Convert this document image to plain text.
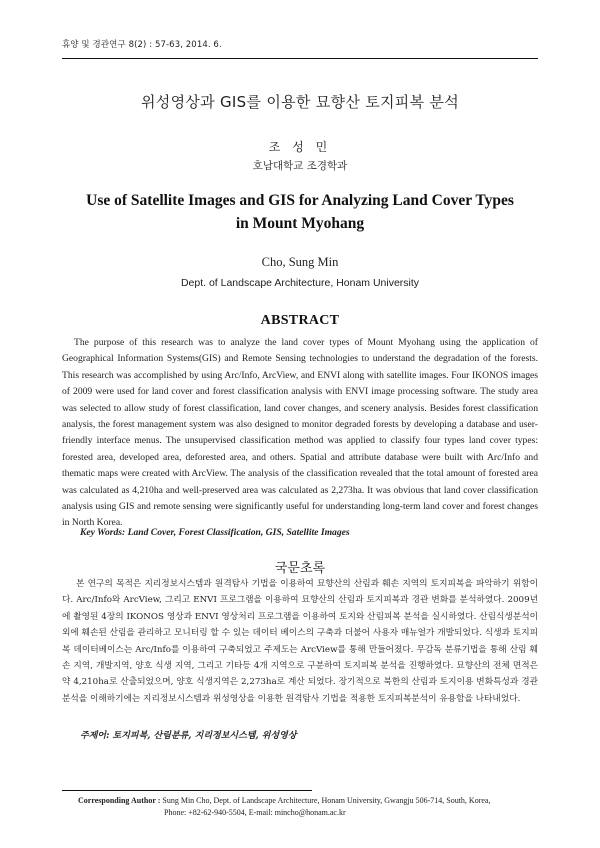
휴양 및 경관연구 8(2) : 57-63, 2014. 6.
위성영상과 GIS를 이용한 묘향산 토지피복 분석
조 성 민
호남대학교 조경학과
Use of Satellite Images and GIS for Analyzing Land Cover Types
in Mount Myohang
Cho, Sung Min
Dept. of Landscape Architecture, Honam University
ABSTRACT

The purpose of this research was to analyze the land cover types of Mount Myohang using the application of Geographical Information Systems(GIS) and Remote Sensing technologies to understand the degradation of the forests. This research was accomplished by using Arc/Info, ArcView, and ENVI along with satellite images. Four IKONOS images of 2009 were used for land cover and forest classification analysis with ENVI image processing software. The study area was selected to allow study of forest classification, land cover changes, and scenery analysis. Besides forest classification analysis, the forest management system was also designed to monitor degraded forests by developing a database and user-friendly interface menus. The unsupervised classification method was applied to classify four types land cover types: forested area, developed area, deforested area, and others. Spatial and attribute database were built with Arc/Info and thematic maps were created with ArcView. The analysis of the classification revealed that the total amount of forested area was calculated as 4,210ha and well-preserved area was calculated as 2,273ha. It was obvious that land cover classification analysis using GIS and remote sensing were significantly useful for understanding long-term land cover and forest changes in North Korea.

Key Words: Land Cover, Forest Classification, GIS, Satellite Images
국문초록

본 연구의 목적은 지리정보시스템과 원격탐사 기법을 이용하여 묘향산의 산림과 훼손 지역의 토지피복을 파악하기 위함이다. Arc/Info와 ArcView, 그리고 ENVI 프로그램을 이용하여 묘향산의 산림과 토지피복과 경관 변화를 분석하였다. 2009년에 촬영된 4장의 IKONOS 영상과 ENVI 영상처리 프로그램을 이용하여 토지와 산림피복 분석을 실시하였다. 산림식생분석이외에 훼손된 산림을 관리하고 모니터링 할 수 있는 데이터 베이스의 구축과 더불어 사용자 매뉴얼가 개발되었다. 식생과 토지피복 데이터베이스는 Arc/Info를 이용하여 구축되었고 주제도는 ArcView를 통해 만들어졌다. 무감독 분류기법을 통해 산림 훼손 지역, 개발지역, 양호 식생 지역, 그리고 기타등 4개 지역으로 구분하여 토지피복 분석을 진행하였다. 묘향산의 전체 면적은 약 4,210ha로 산출되었으며, 양호 식생지역은 2,273ha로 계산 되었다. 장기적으로 북한의 산림과 토지이용 변화특성과 경관분석을 이해하기에는 지리정보시스템과 위성영상을 이용한 원격탐사 기법을 적용한 토지피복분석이 유용함을 나타내었다.

주제어: 토지피복, 산림분류, 지리정보시스템, 위성영상
Corresponding Author : Sung Min Cho, Dept. of Landscape Architecture, Honam University, Gwangju 506-714, South, Korea,
Phone: +82-62-940-5504, E-mail: mincho@honam.ac.kr
